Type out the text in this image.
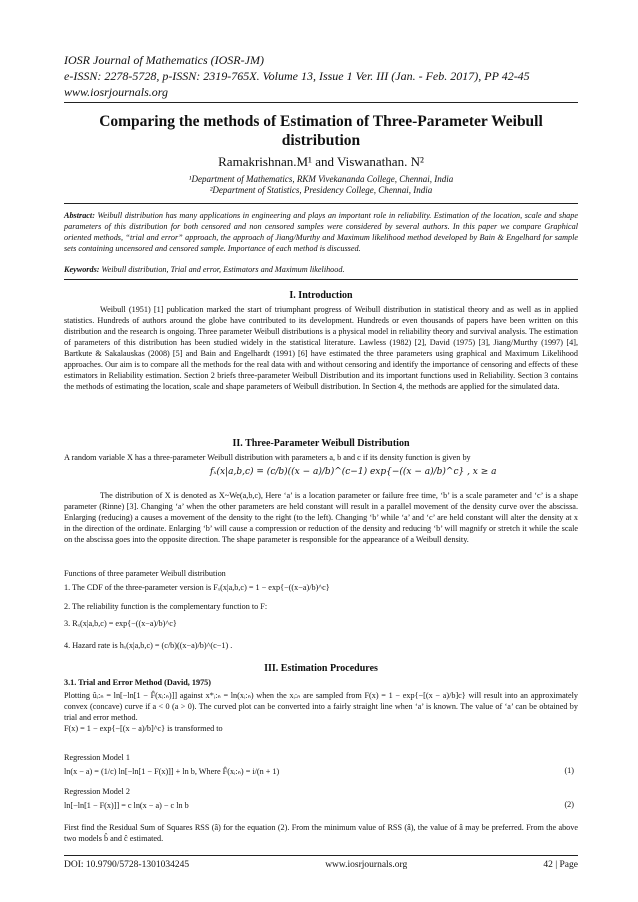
IOSR Journal of Mathematics (IOSR-JM)
e-ISSN: 2278-5728, p-ISSN: 2319-765X. Volume 13, Issue 1 Ver. III (Jan. - Feb. 2017), PP 42-45
www.iosrjournals.org
Comparing the methods of Estimation of Three-Parameter Weibull
distribution
Ramakrishnan.M¹ and Viswanathan. N²
¹Department of Mathematics, RKM Vivekananda College, Chennai, India
²Department of Statistics, Presidency College, Chennai, India
Abstract: Weibull distribution has many applications in engineering and plays an important role in reliability. Estimation of the location, scale and shape parameters of this distribution for both censored and non censored samples were considered by several authors. In this paper we compare Graphical oriented methods, “trial and error” approach, the approach of Jiang/Murthy and Maximum likelihood method developed by Bain & Engelhard for sample sets containing uncensored and censored sample. Importance of each method is discussed.
Keywords: Weibull distribution, Trial and error, Estimators and Maximum likelihood.
I. Introduction
Weibull (1951) [1] publication marked the start of triumphant progress of Weibull distribution in statistical theory and as well as in applied statistics. Hundreds of authors around the globe have contributed to its development. Hundreds or even thousands of papers have been written on this distribution and the research is ongoing. Three parameter Weibull distributions is a physical model in reliability theory and survival analysis. The estimation of parameters of this distribution has been studied widely in the statistical literature. Lawless (1982) [2], David (1975) [3], Jiang/Murthy (1997) [4], Bartkute & Sakalauskas (2008) [5] and Bain and Engelhardt (1991) [6] have estimated the three parameters using graphical and Maximum Likelihood approaches. Our aim is to compare all the methods for the real data with and without censoring and identify the importance of censoring and effects of these estimators in Reliability estimation. Section 2 briefs three-parameter Weibull Distribution and its important functions used in Reliability. Section 3 contains the methods of estimating the location, scale and shape parameters of Weibull distribution. In Section 4, the methods are applied for the simulated data.
II. Three-Parameter Weibull Distribution
A random variable X has a three-parameter Weibull distribution with parameters a, b and c if its density function is given by
fₓ(x|a,b,c) = (c/b)((x − a)/b)^(c−1) exp{−((x − a)/b)^c} , x ≥ a
The distribution of X is denoted as X~We(a,b,c), Here ‘a’ is a location parameter or failure free time, ‘b’ is a scale parameter and ‘c’ is a shape parameter (Rinne) [3]. Changing ‘a’ when the other parameters are held constant will result in a parallel movement of the density curve over the abscissa. Enlarging (reducing) a causes a movement of the density to the right (to the left). Changing ‘b’ while ‘a’ and ‘c’ are held constant will alter the density at x in the direction of the ordinate. Enlarging ‘b’ will cause a compression or reduction of the density and reducing ‘b’ will magnify or stretch it while the scale on the abscissa goes into the opposite direction. The shape parameter is responsible for the appearance of a Weibull density.
Functions of three parameter Weibull distribution
1. The CDF of the three-parameter version is Fₓ(x|a,b,c) = 1 − exp{−((x−a)/b)^c}
2. The reliability function is the complementary function to F:
3. Rₓ(x|a,b,c) = exp{−((x−a)/b)^c}
4. Hazard rate is hₓ(x|a,b,c) = (c/b)((x−a)/b)^(c−1) .
III. Estimation Procedures
3.1. Trial and Error Method (David, 1975)
Plotting ûᵢ:ₙ = ln[−ln[1 − F̂(xᵢ:ₙ)]] against x*ᵢ:ₙ = ln(xᵢ:ₙ) when the xᵢ:ₙ are sampled from F(x) = 1 − exp{−[(x − a)/b]c} will result into an approximately convex (concave) curve if a < 0 (a > 0). The curved plot can be converted into a fairly straight line when ‘a’ is known. The value of ‘a’ can be obtained by trial and error method.
F(x) = 1 − exp{−[(x − a)/b]^c} is transformed to
Regression Model 1
ln(x − a) = (1/c) ln[−ln[1 − F(x)]] + ln b, Where F̂(xᵢ:ₙ) = i/(n + 1)	(1)
Regression Model 2
ln[−ln[1 − F(x)]] = c ln(x − a) − c ln b	(2)
First find the Residual Sum of Squares RSS (â) for the equation (2). From the minimum value of RSS (â), the value of â may be preferred. From the above two models b̂ and ĉ estimated.
DOI: 10.9790/5728-1301034245	www.iosrjournals.org	42 | Page
